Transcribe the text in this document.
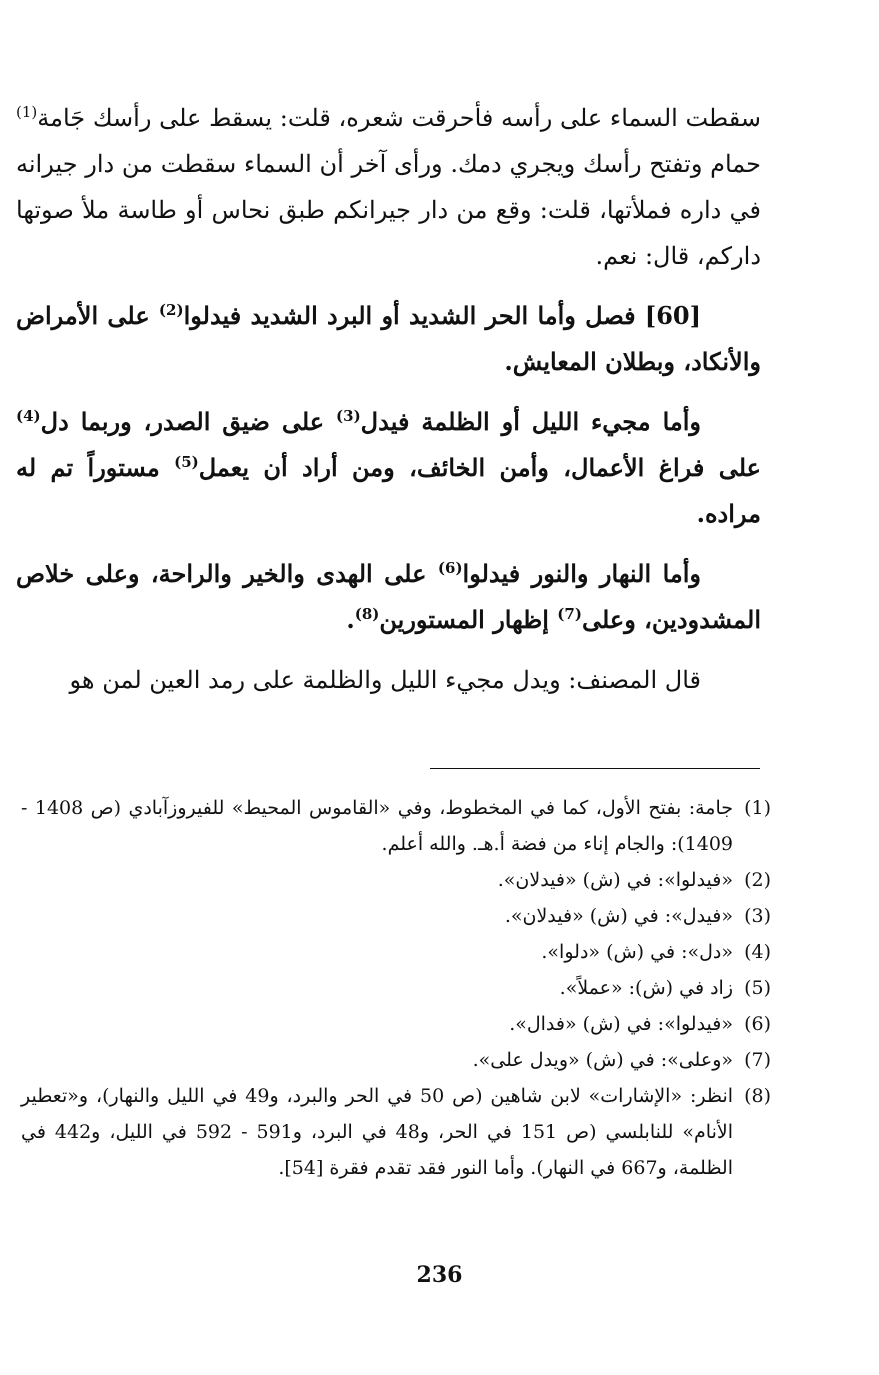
سقطت السماء على رأسه فأحرقت شعره، قلت: يسقط على رأسك جَامة$^{(1)}$ حمام وتفتح رأسك ويجري دمك. ورأى آخر أن السماء سقطت من دار جيرانه في داره فملأتها، قلت: وقع من دار جيرانكم طبق نحاس أو طاسة ملأ صوتها داركم، قال: نعم.

[60] فصل وأما الحر الشديد أو البرد الشديد فيدلوا$^{(2)}$ على الأمراض والأنكاد، وبطلان المعايش.

وأما مجيء الليل أو الظلمة فيدل$^{(3)}$ على ضيق الصدر، وربما دل$^{(4)}$ على فراغ الأعمال، وأمن الخائف، ومن أراد أن يعمل$^{(5)}$ مستوراً تم له مراده.

وأما النهار والنور فيدلوا$^{(6)}$ على الهدى والخير والراحة، وعلى خلاص المشدودين، وعلى$^{(7)}$ إظهار المستورين$^{(8)}$.

قال المصنف: ويدل مجيء الليل والظلمة على رمد العين لمن هو

(1)
جامة: بفتح الأول، كما في المخطوط، وفي «القاموس المحيط» للفيروزآبادي (ص 1408 - 1409): والجام إناء من فضة أ.هـ. والله أعلم.
(2)
«فيدلوا»: في (ش) «فيدلان».
(3)
«فيدل»: في (ش) «فيدلان».
(4)
«دل»: في (ش) «دلوا».
(5)
زاد في (ش): «عملاً».
(6)
«فيدلوا»: في (ش) «فدال».
(7)
«وعلى»: في (ش) «ويدل على».
(8)
انظر: «الإشارات» لابن شاهين (ص 50 في الحر والبرد، و49 في الليل والنهار)، و«تعطير الأنام» للنابلسي (ص 151 في الحر، و48 في البرد، و591 - 592 في الليل، و442 في الظلمة، و667 في النهار). وأما النور فقد تقدم فقرة [54].
236
